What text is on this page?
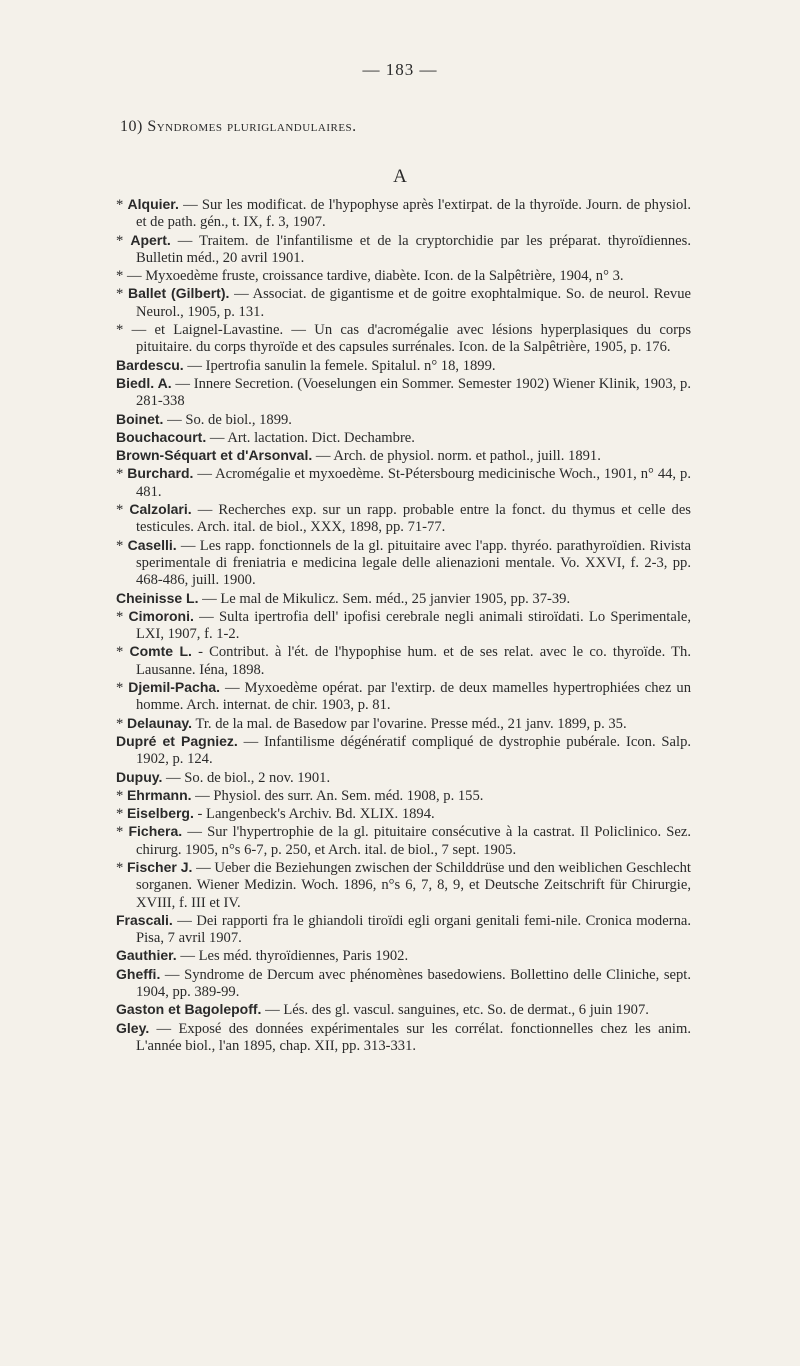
— 183 —
10) Syndromes pluriglandulaires.
A

* Alquier. — Sur les modificat. de l'hypophyse après l'extirpat. de la thyroïde. Journ. de physiol. et de path. gén., t. IX, f. 3, 1907.

* Apert. — Traitem. de l'infantilisme et de la cryptorchidie par les préparat. thyroïdiennes. Bulletin méd., 20 avril 1901.

* — Myxoedème fruste, croissance tardive, diabète. Icon. de la Salpêtrière, 1904, n° 3.

* Ballet (Gilbert). — Associat. de gigantisme et de goitre exophtalmique. So. de neurol. Revue Neurol., 1905, p. 131.

* — et Laignel-Lavastine. — Un cas d'acromégalie avec lésions hyperplasiques du corps pituitaire. du corps thyroïde et des capsules surrénales. Icon. de la Salpêtrière, 1905, p. 176.

Bardescu. — Ipertrofia sanulin la femele. Spitalul. n° 18, 1899.

Biedl. A. — Innere Secretion. (Voeselungen ein Sommer. Semester 1902) Wiener Klinik, 1903, p. 281-338

Boinet. — So. de biol., 1899.

Bouchacourt. — Art. lactation. Dict. Dechambre.

Brown-Séquart et d'Arsonval. — Arch. de physiol. norm. et pathol., juill. 1891.

* Burchard. — Acromégalie et myxoedème. St-Pétersbourg medicinische Woch., 1901, n° 44, p. 481.

* Calzolari. — Recherches exp. sur un rapp. probable entre la fonct. du thymus et celle des testicules. Arch. ital. de biol., XXX, 1898, pp. 71-77.

* Caselli. — Les rapp. fonctionnels de la gl. pituitaire avec l'app. thyréo. parathyroïdien. Rivista sperimentale di freniatria e medicina legale delle alienazioni mentale. Vo. XXVI, f. 2-3, pp. 468-486, juill. 1900.

Cheinisse L. — Le mal de Mikulicz. Sem. méd., 25 janvier 1905, pp. 37-39.

* Cimoroni. — Sulta ipertrofia dell' ipofisi cerebrale negli animali stiroïdati. Lo Sperimentale, LXI, 1907, f. 1-2.

* Comte L. - Contribut. à l'ét. de l'hypophise hum. et de ses relat. avec le co. thyroïde. Th. Lausanne. Iéna, 1898.

* Djemil-Pacha. — Myxoedème opérat. par l'extirp. de deux mamelles hypertrophiées chez un homme. Arch. internat. de chir. 1903, p. 81.

* Delaunay. Tr. de la mal. de Basedow par l'ovarine. Presse méd., 21 janv. 1899, p. 35.

Dupré et Pagniez. — Infantilisme dégénératif compliqué de dystrophie pubérale. Icon. Salp. 1902, p. 124.

Dupuy. — So. de biol., 2 nov. 1901.

* Ehrmann. — Physiol. des surr. An. Sem. méd. 1908, p. 155.

* Eiselberg. - Langenbeck's Archiv. Bd. XLIX. 1894.

* Fichera. — Sur l'hypertrophie de la gl. pituitaire consécutive à la castrat. Il Policlinico. Sez. chirurg. 1905, n°s 6-7, p. 250, et Arch. ital. de biol., 7 sept. 1905.

* Fischer J. — Ueber die Beziehungen zwischen der Schilddrüse und den weiblichen Geschlecht sorganen. Wiener Medizin. Woch. 1896, n°s 6, 7, 8, 9, et Deutsche Zeitschrift für Chirurgie, XVIII, f. III et IV.

Frascali. — Dei rapporti fra le ghiandoli tiroïdi egli organi genitali femi-nile. Cronica moderna. Pisa, 7 avril 1907.

Gauthier. — Les méd. thyroïdiennes, Paris 1902.

Gheffi. — Syndrome de Dercum avec phénomènes basedowiens. Bollettino delle Cliniche, sept. 1904, pp. 389-99.

Gaston et Bagolepoff. — Lés. des gl. vascul. sanguines, etc. So. de dermat., 6 juin 1907.

Gley. — Exposé des données expérimentales sur les corrélat. fonctionnelles chez les anim. L'année biol., l'an 1895, chap. XII, pp. 313-331.
